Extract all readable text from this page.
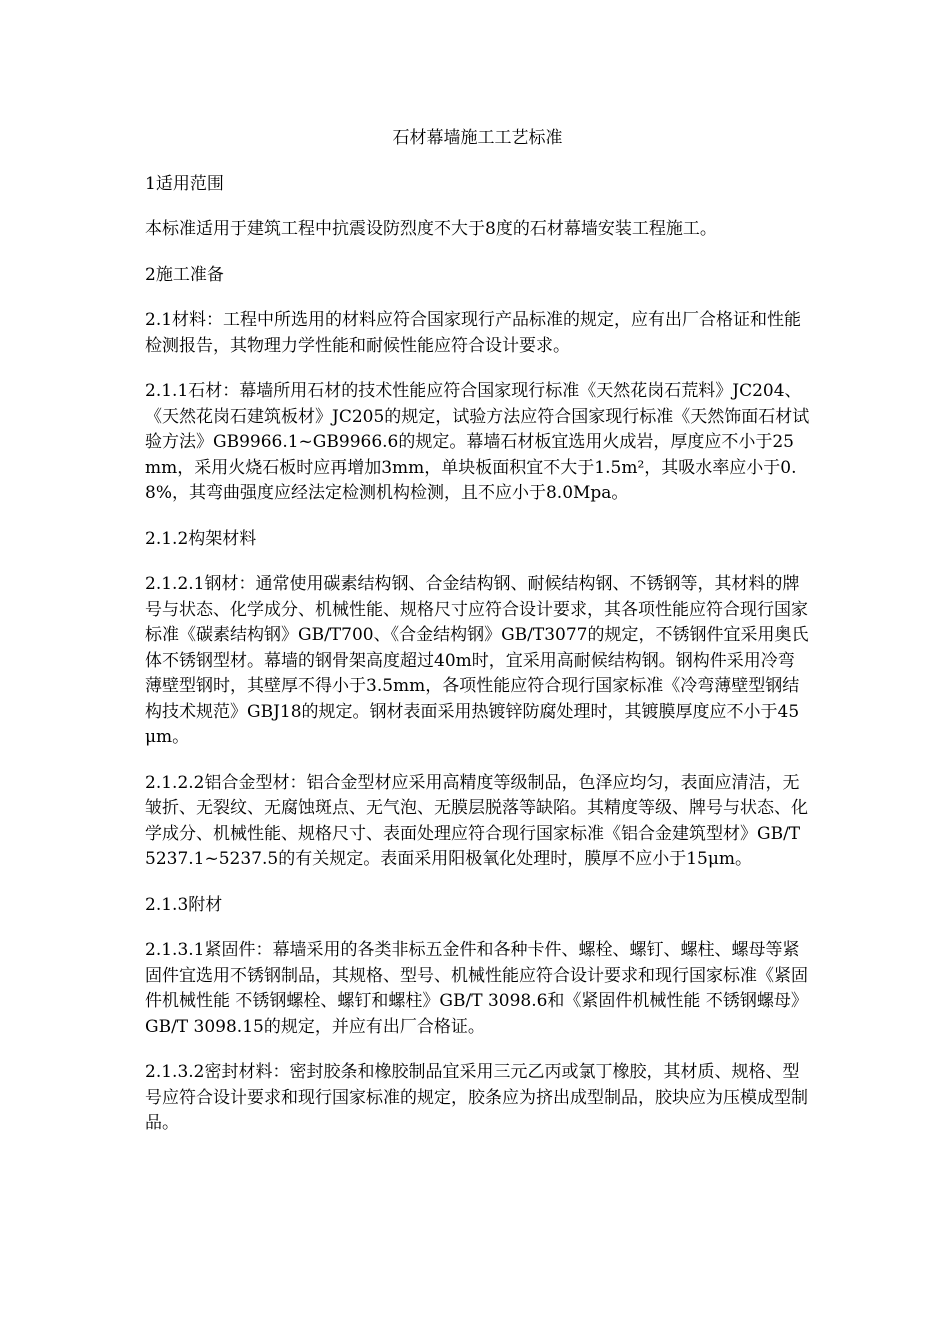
石材幕墙施工工艺标准
1适用范围
本标准适用于建筑工程中抗震设防烈度不大于8度的石材幕墙安装工程施工。
2施工准备
2.1材料：工程中所选用的材料应符合国家现行产品标准的规定，应有出厂合格证和性能检测报告，其物理力学性能和耐候性能应符合设计要求。
2.1.1石材：幕墙所用石材的技术性能应符合国家现行标准《天然花岗石荒料》JC204、《天然花岗石建筑板材》JC205的规定，试验方法应符合国家现行标准《天然饰面石材试验方法》GB9966.1~GB9966.6的规定。幕墙石材板宜选用火成岩，厚度应不小于25mm，采用火烧石板时应再增加3mm，单块板面积宜不大于1.5m²，其吸水率应小于0.8%，其弯曲强度应经法定检测机构检测，且不应小于8.0Mpa。
2.1.2构架材料
2.1.2.1钢材：通常使用碳素结构钢、合金结构钢、耐候结构钢、不锈钢等，其材料的牌号与状态、化学成分、机械性能、规格尺寸应符合设计要求，其各项性能应符合现行国家标准《碳素结构钢》GB/T700、《合金结构钢》GB/T3077的规定，不锈钢件宜采用奥氏体不锈钢型材。幕墙的钢骨架高度超过40m时，宜采用高耐候结构钢。钢构件采用冷弯薄壁型钢时，其壁厚不得小于3.5mm，各项性能应符合现行国家标准《冷弯薄壁型钢结构技术规范》GBJ18的规定。钢材表面采用热镀锌防腐处理时，其镀膜厚度应不小于45μm。
2.1.2.2铝合金型材：铝合金型材应采用高精度等级制品，色泽应均匀，表面应清洁，无皱折、无裂纹、无腐蚀斑点、无气泡、无膜层脱落等缺陷。其精度等级、牌号与状态、化学成分、机械性能、规格尺寸、表面处理应符合现行国家标准《铝合金建筑型材》GB/T5237.1~5237.5的有关规定。表面采用阳极氧化处理时，膜厚不应小于15μm。
2.1.3附材
2.1.3.1紧固件：幕墙采用的各类非标五金件和各种卡件、螺栓、螺钉、螺柱、螺母等紧固件宜选用不锈钢制品，其规格、型号、机械性能应符合设计要求和现行国家标准《紧固件机械性能 不锈钢螺栓、螺钉和螺柱》GB/T 3098.6和《紧固件机械性能 不锈钢螺母》GB/T 3098.15的规定，并应有出厂合格证。
2.1.3.2密封材料：密封胶条和橡胶制品宜采用三元乙丙或氯丁橡胶，其材质、规格、型号应符合设计要求和现行国家标准的规定，胶条应为挤出成型制品，胶块应为压模成型制品。
